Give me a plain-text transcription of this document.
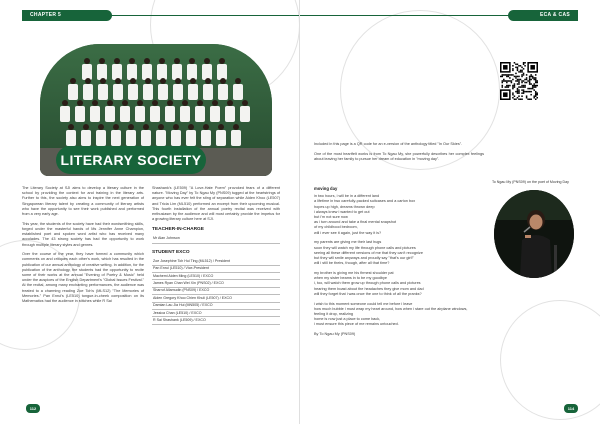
CHAPTER 5
LITERARY SOCIETY

The Literary Society at SJI aims to develop a literary culture in the school by providing the context for and training in the literary arts. Further to this, the society also aims to inspire the next generation of Singaporean literary talent by creating a community of literary artists who have the opportunity to see their work published and performed from a very early age.

This year, the students of the society have had their wordsmithing skills, forged under the masterful hands of Ms Jennifer Anne Champion, established poet and spoken word artist who has received many accolades. The 43 strong society has had the opportunity to work through multiple literary styles and genres.

Over the course of the year, they have formed a community which comments on and critiques each other's work, which has resulted in the publication of our annual anthology of creative writing. In addition, for the publication of the anthology, the students had the opportunity to recite some of their works at the annual "Evening of Poetry & Music" held under the auspices of the English Department's "Global Issues Festival." At the recital, among many enchanting performances, the audience was treated to a charming reading Zoe Toh's (MLS12) "The Memories of Memories." Pan Enrui's (LE510) tongue-in-cheek composition on its Mathematics had the audience in stitches while R Sai

Shashank's (LE509) "A Love-Hate Poem" provoked fears of a different nature. "Moving Day" by To Ngau My (PNS09) tugged at the heartstrings of anyone who has ever felt the sting of separation while Aiden Khoo (LE507) and Tricia Lim (ML510) performed an excerpt from their upcoming musical. This fourth installation of the annual poetry recital was received with enthusiasm by the audience and will most certainly provide the impetus for a growing literary culture here at SJI.

TEACHER-IN-CHARGE
Mr Alan Johnson
STUDENT EXCO
Zoe Josephine Toh Hui Ting (ML512) / President
Pan Enrui (LE510) / Vice-President
Machemi Aiden Ming (LE510) / EXCO
James Ryan Chan Wei Xin (PNS02) / EXCO
Sharruf Allamudin (PNS09) / EXCO
Aiden Gregory Khoo Chien Khuli (LE507) / EXCO
Damian Lau Jia Hui (MN505) / EXCO
Jessica Chan (LE510) / EXCO
R Sai Shashank (LE509) / EXCO
112
ECA & CAS

Included in this page is a QR code for an e-version of the anthology titled "In Our Skies".

One of the most heartfelt works is from To Ngau My, she powerfully describes her complex feelings about leaving her family to pursue her dream of education in "moving day".

moving day
in two hours, i will be in a different land
a lifetime in two carefully-packed suitcases and a carton box
hopes up high, dreams thrown deep
i always knew i wanted to get out
but i'm not sure now
as i turn around and take a final mental snapshot
of my childhood bedroom,
will i ever see it again, just the way it is?
my parents are giving me their last hugs
soon they will watch my life through phone calls and pictures
seeing all these different versions of me that they can't recognize
but they will smile anyways and proudly say "that's our girl!"
will i still be theirs, though, after all that time?
my brother is giving me his firmest shoulder pat
when my sister beams in to be my goodbye
i, too, will watch them grow up through phone calls and pictures
hearing them boast about the headaches they give mom and dad
will they forget that i was once the one to think of all the pranks?
i wish to this moment someone could tell me before i leave
how much bubble i must wrap my heart around, how when i stare out the airplane windows, feeling it drop, realizing
home is now just a place to come back,
i must ensure this piece of me remains untouched.
By To Ngau My (PNS09)
To Ngau My (PNS09) on the poet of Moving Day
114
